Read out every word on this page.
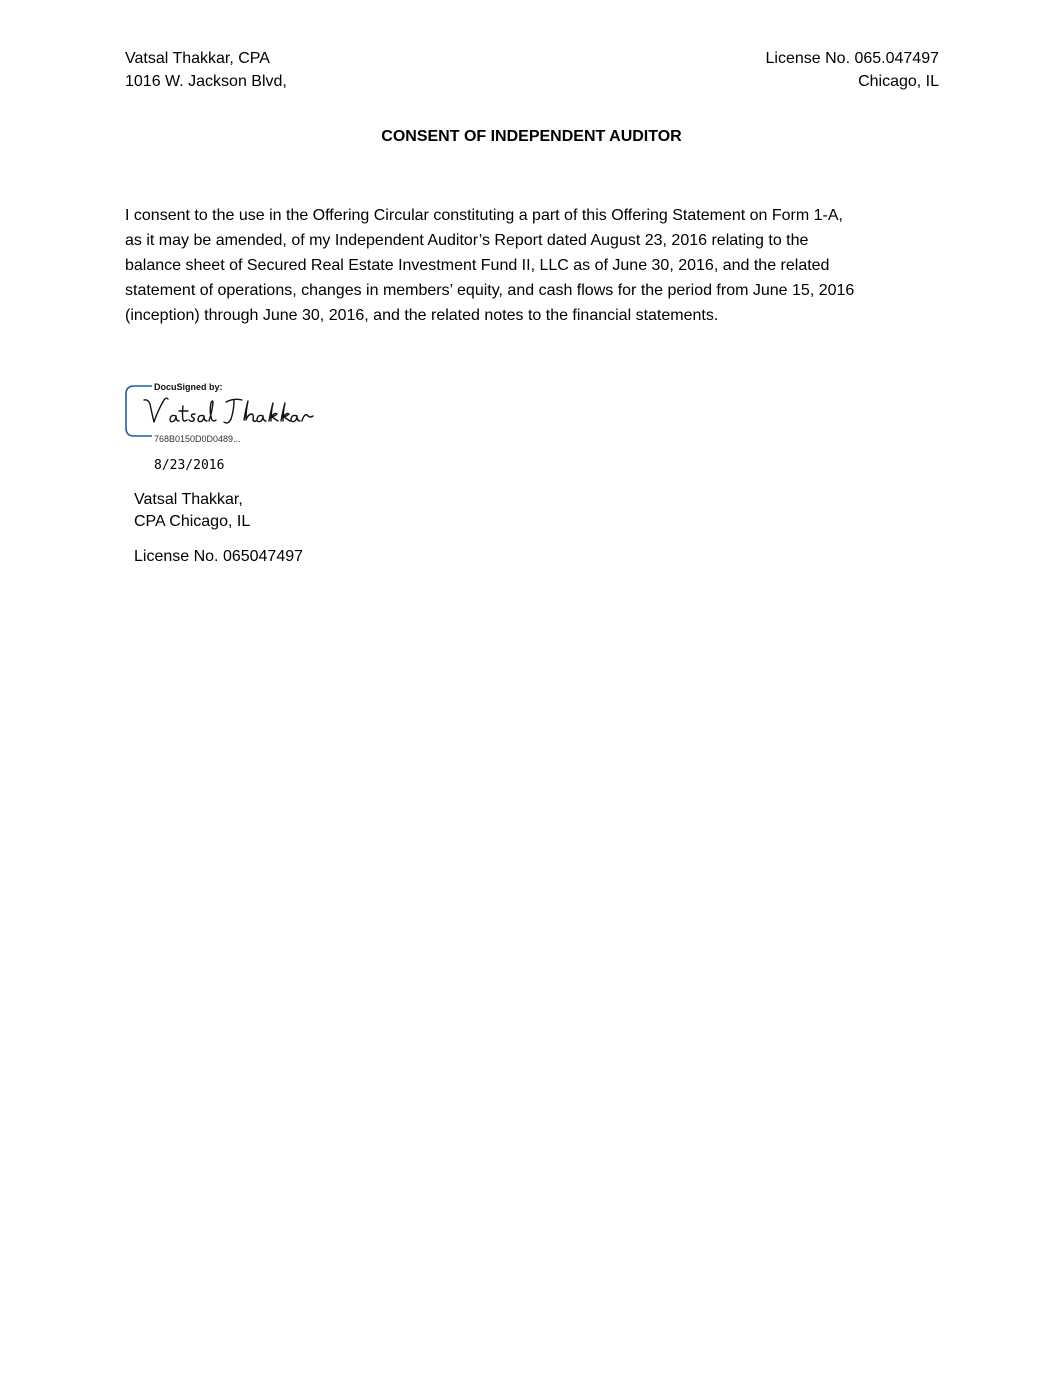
Vatsal Thakkar, CPA
1016 W. Jackson Blvd,
License No. 065.047497
Chicago, IL
CONSENT OF INDEPENDENT AUDITOR
I consent to the use in the Offering Circular constituting a part of this Offering Statement on Form 1-A,
as it may be amended, of my Independent Auditor’s Report dated August 23, 2016 relating to the
balance sheet of Secured Real Estate Investment Fund II, LLC as of June 30, 2016, and the related
statement of operations, changes in members’ equity, and cash flows for the period from June 15, 2016
(inception) through June 30, 2016, and the related notes to the financial statements.
DocuSigned by:
768B0150D0D0489...
8/23/2016
Vatsal Thakkar,
CPA Chicago, IL
License No. 065047497
